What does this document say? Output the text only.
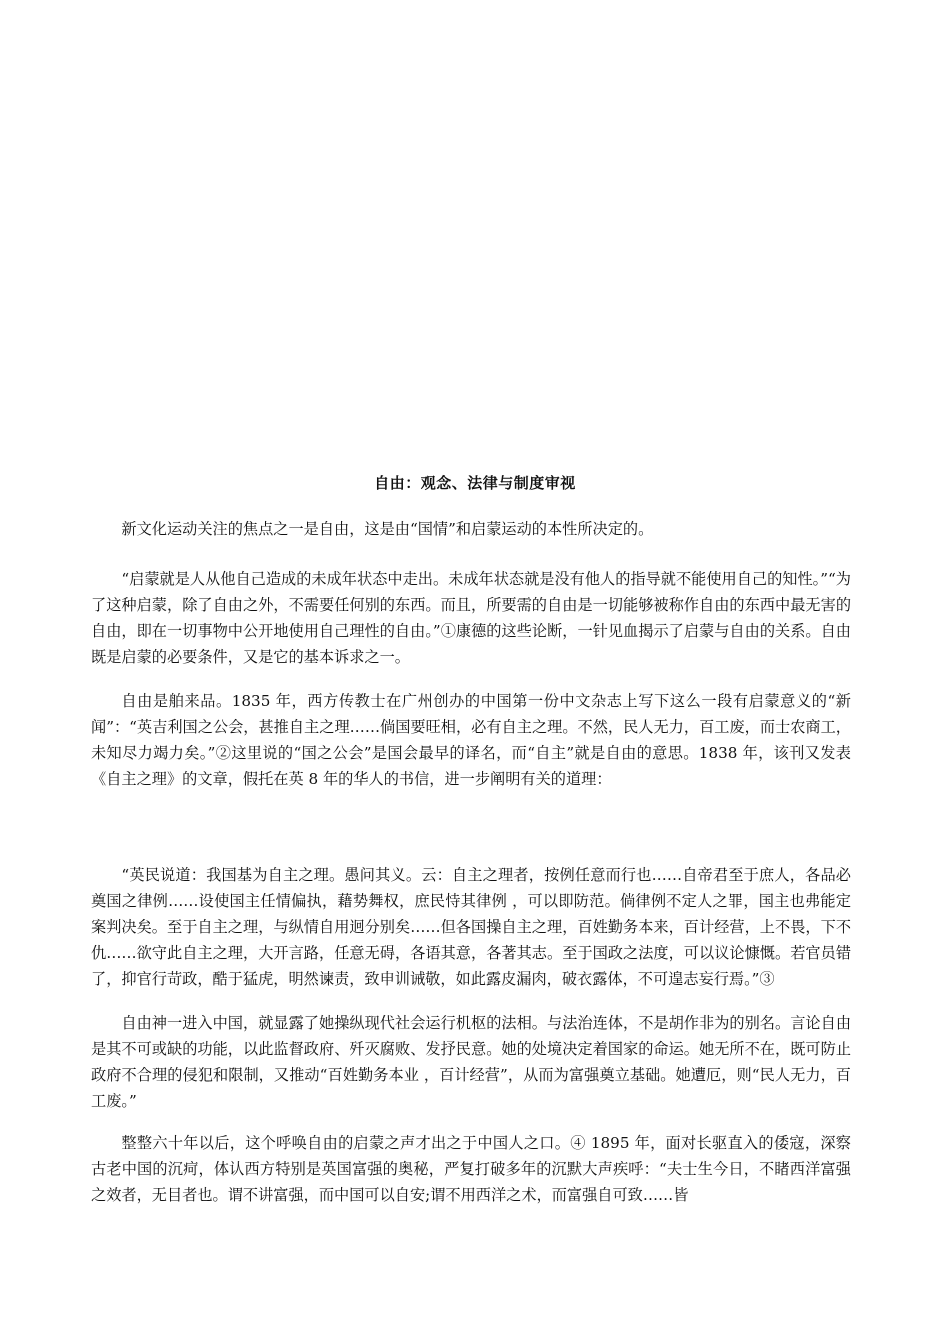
自由：观念、法律与制度审视

新文化运动关注的焦点之一是自由，这是由“国情”和启蒙运动的本性所决定的。

“启蒙就是人从他自己造成的未成年状态中走出。未成年状态就是没有他人的指导就不能使用自己的知性。”“为了这种启蒙，除了自由之外，不需要任何别的东西。而且，所要需的自由是一切能够被称作自由的东西中最无害的自由，即在一切事物中公开地使用自己理性的自由。”①康德的这些论断，一针见血揭示了启蒙与自由的关系。自由既是启蒙的必要条件，又是它的基本诉求之一。

自由是舶来品。1835 年，西方传教士在广州创办的中国第一份中文杂志上写下这么一段有启蒙意义的“新闻”：“英吉利国之公会，甚推自主之理……倘国要旺相，必有自主之理。不然，民人无力，百工废，而士农商工，未知尽力竭力矣。”②这里说的“国之公会”是国会最早的译名，而“自主”就是自由的意思。1838 年，该刊又发表《自主之理》的文章，假托在英 8 年的华人的书信，进一步阐明有关的道理：

“英民说道：我国基为自主之理。愚问其义。云：自主之理者，按例任意而行也……自帝君至于庶人，各品必奠国之律例……设使国主任情偏执，藉势舞权，庶民恃其律例 ，可以即防范。倘律例不定人之罪，国主也弗能定案判决矣。至于自主之理，与纵情自用迥分别矣……但各国操自主之理，百姓勤务本来，百计经营，上不畏，下不仇……欲守此自主之理，大开言路，任意无碍，各语其意，各著其志。至于国政之法度，可以议论慷慨。若官员错了，抑官行苛政，酷于猛虎，明然谏责，致申训诫敬，如此露皮漏肉，破衣露体，不可遑志妄行焉。”③

自由神一进入中国，就显露了她操纵现代社会运行机枢的法相。与法治连体，不是胡作非为的别名。言论自由是其不可或缺的功能，以此监督政府、歼灭腐败、发抒民意。她的处境决定着国家的命运。她无所不在，既可防止政府不合理的侵犯和限制，又推动“百姓勤务本业 ，百计经营”，从而为富强奠立基础。她遭厄，则“民人无力，百工废。”

整整六十年以后，这个呼唤自由的启蒙之声才出之于中国人之口。④ 1895 年，面对长驱直入的倭寇，深察古老中国的沉疴，体认西方特别是英国富强的奥秘，严复打破多年的沉默大声疾呼：“夫士生今日，不睹西洋富强之效者，无目者也。谓不讲富强，而中国可以自安;谓不用西洋之术，而富强自可致……皆
